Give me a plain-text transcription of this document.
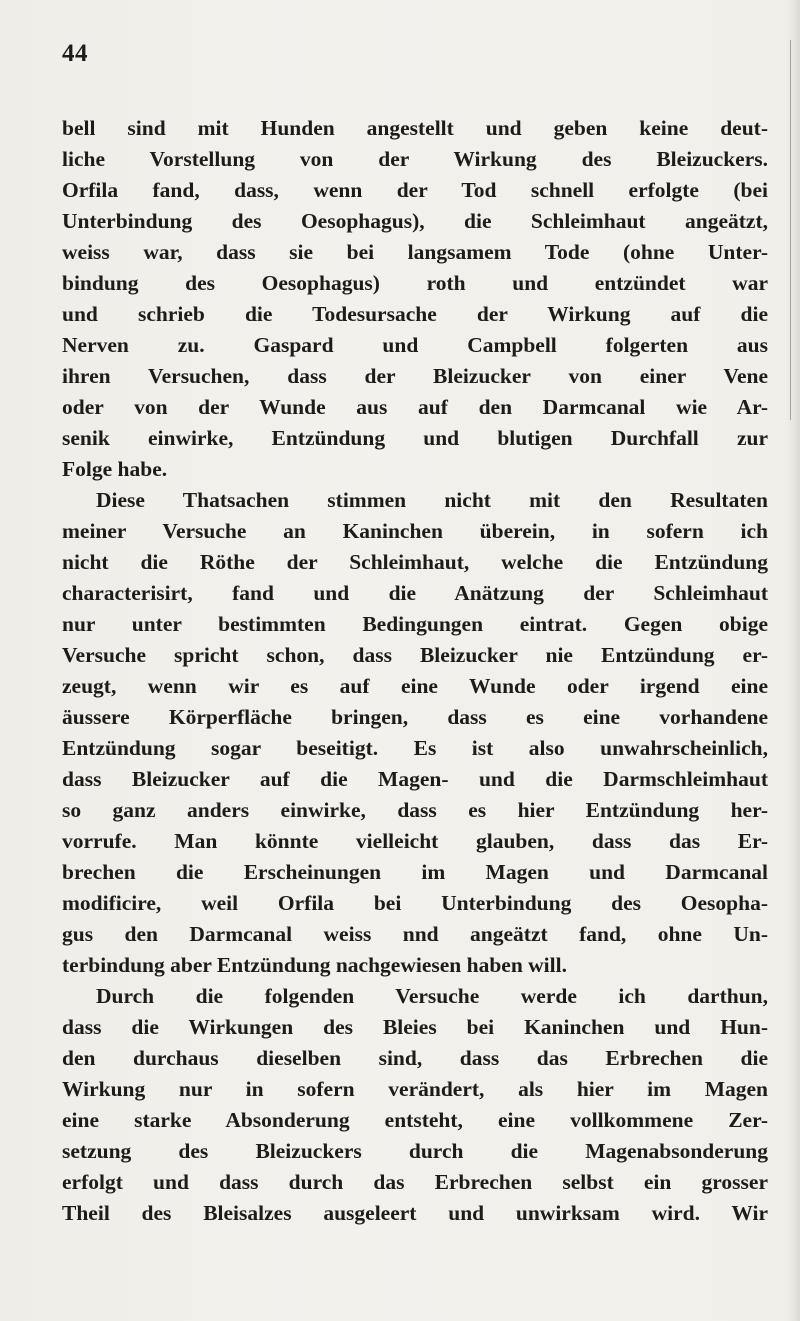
44
bell sind mit Hunden angestellt und geben keine deut-
liche Vorstellung von der Wirkung des Bleizuckers.
Orfila fand, dass, wenn der Tod schnell erfolgte (bei
Unterbindung des Oesophagus), die Schleimhaut angeätzt,
weiss war, dass sie bei langsamem Tode (ohne Unter-
bindung des Oesophagus) roth und entzündet war
und schrieb die Todesursache der Wirkung auf die
Nerven zu. Gaspard und Campbell folgerten aus
ihren Versuchen, dass der Bleizucker von einer Vene
oder von der Wunde aus auf den Darmcanal wie Ar-
senik einwirke, Entzündung und blutigen Durchfall zur
Folge habe.
Diese Thatsachen stimmen nicht mit den Resultaten
meiner Versuche an Kaninchen überein, in sofern ich
nicht die Röthe der Schleimhaut, welche die Entzündung
characterisirt, fand und die Anätzung der Schleimhaut
nur unter bestimmten Bedingungen eintrat. Gegen obige
Versuche spricht schon, dass Bleizucker nie Entzündung er-
zeugt, wenn wir es auf eine Wunde oder irgend eine
äussere Körperfläche bringen, dass es eine vorhandene
Entzündung sogar beseitigt. Es ist also unwahrscheinlich,
dass Bleizucker auf die Magen- und die Darmschleimhaut
so ganz anders einwirke, dass es hier Entzündung her-
vorrufe. Man könnte vielleicht glauben, dass das Er-
brechen die Erscheinungen im Magen und Darmcanal
modificire, weil Orfila bei Unterbindung des Oesopha-
gus den Darmcanal weiss nnd angeätzt fand, ohne Un-
terbindung aber Entzündung nachgewiesen haben will.
Durch die folgenden Versuche werde ich darthun,
dass die Wirkungen des Bleies bei Kaninchen und Hun-
den durchaus dieselben sind, dass das Erbrechen die
Wirkung nur in sofern verändert, als hier im Magen
eine starke Absonderung entsteht, eine vollkommene Zer-
setzung des Bleizuckers durch die Magenabsonderung
erfolgt und dass durch das Erbrechen selbst ein grosser
Theil des Bleisalzes ausgeleert und unwirksam wird. Wir
